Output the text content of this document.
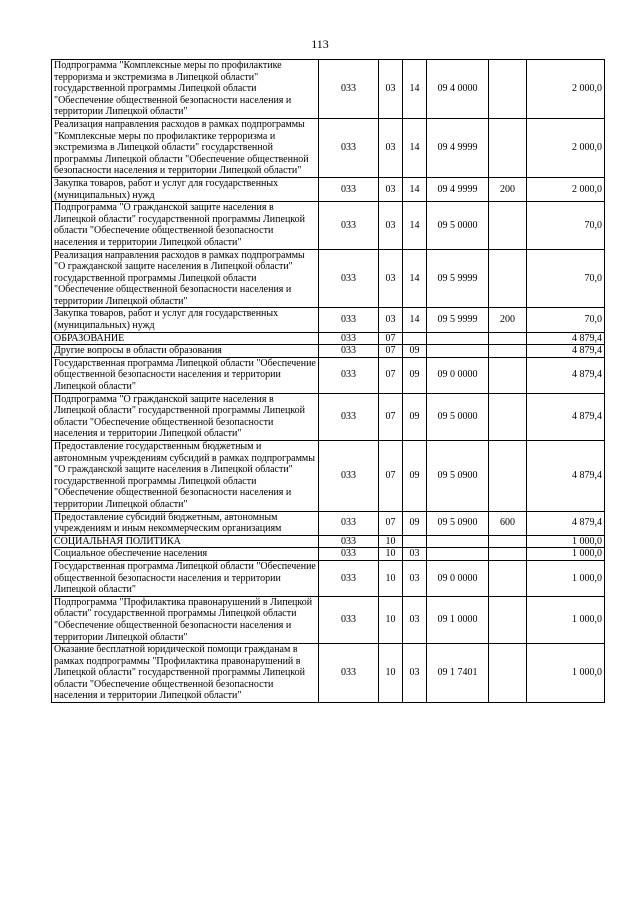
113
Подпрограмма "Комплексные меры по профилактике терроризма и экстремизма в Липецкой области" государственной программы Липецкой области "Обеспечение общественной безопасности населения и территории Липецкой области"	033	03	14	09 4 0000		2 000,0
Реализация направления расходов в рамках подпрограммы "Комплексные меры по профилактике терроризма и экстремизма в Липецкой области" государственной программы Липецкой области "Обеспечение общественной безопасности населения и территории Липецкой области"	033	03	14	09 4 9999		2 000,0
Закупка товаров, работ и услуг для государственных (муниципальных) нужд	033	03	14	09 4 9999	200	2 000,0
Подпрограмма "О гражданской защите населения в Липецкой области" государственной программы Липецкой области "Обеспечение общественной безопасности населения и территории Липецкой области"	033	03	14	09 5 0000		70,0
Реализация направления расходов в рамках подпрограммы "О гражданской защите населения в Липецкой области" государственной программы Липецкой области "Обеспечение общественной безопасности населения и территории Липецкой области"	033	03	14	09 5 9999		70,0
Закупка товаров, работ и услуг для государственных (муниципальных) нужд	033	03	14	09 5 9999	200	70,0
ОБРАЗОВАНИЕ	033	07				4 879,4
Другие вопросы в области образования	033	07	09			4 879,4
Государственная программа Липецкой области "Обеспечение общественной безопасности населения и территории Липецкой области"	033	07	09	09 0 0000		4 879,4
Подпрограмма "О гражданской защите населения в Липецкой области" государственной программы Липецкой области "Обеспечение общественной безопасности населения и территории Липецкой области"	033	07	09	09 5 0000		4 879,4
Предоставление государственным бюджетным и автономным учреждениям субсидий в рамках подпрограммы "О гражданской защите населения в Липецкой области" государственной программы Липецкой области "Обеспечение общественной безопасности населения и территории Липецкой области"	033	07	09	09 5 0900		4 879,4
Предоставление субсидий бюджетным, автономным учреждениям и иным некоммерческим организациям	033	07	09	09 5 0900	600	4 879,4
СОЦИАЛЬНАЯ ПОЛИТИКА	033	10				1 000,0
Социальное обеспечение населения	033	10	03			1 000,0
Государственная программа Липецкой области "Обеспечение общественной безопасности населения и территории Липецкой области"	033	10	03	09 0 0000		1 000,0
Подпрограмма "Профилактика правонарушений в Липецкой области" государственной программы Липецкой области "Обеспечение общественной безопасности населения и территории Липецкой области"	033	10	03	09 1 0000		1 000,0
Оказание бесплатной юридической помощи гражданам в рамках подпрограммы "Профилактика правонарушений в Липецкой области" государственной программы Липецкой области "Обеспечение общественной безопасности населения и территории Липецкой области"	033	10	03	09 1 7401		1 000,0
